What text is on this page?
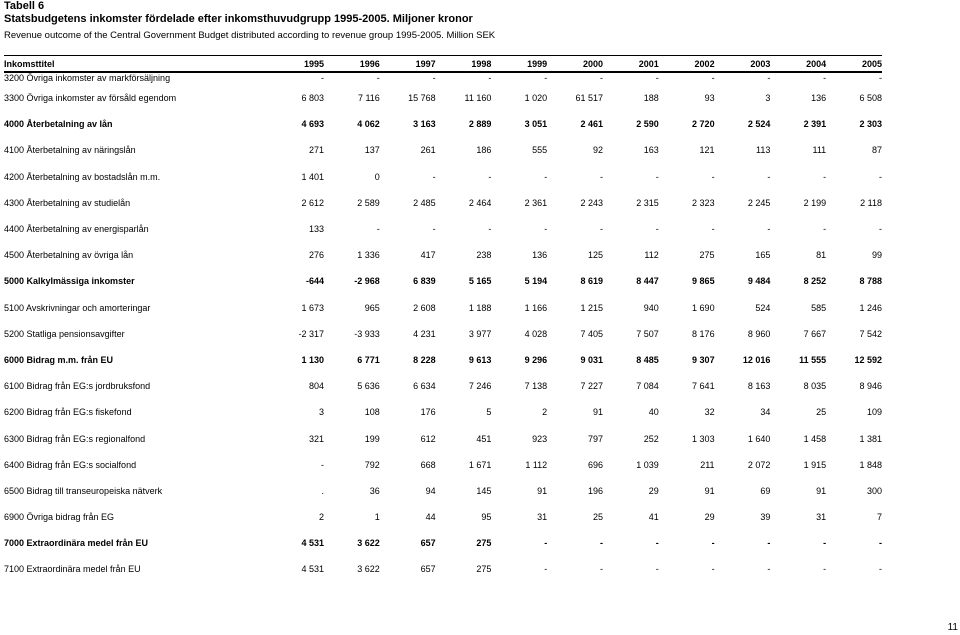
Tabell 6
Statsbudgetens inkomster fördelade efter inkomsthuvudgrupp 1995-2005. Miljoner kronor
Revenue outcome of the Central Government Budget distributed according to revenue group 1995-2005. Million SEK
Inkomsttitel	1995	1996	1997	1998	1999	2000	2001	2002	2003	2004	2005
3200 Övriga inkomster av markförsäljning	-	-	-	-	-	-	-	-	-	-	-
3300 Övriga inkomster av försåld egendom	6 803	7 116	15 768	11 160	1 020	61 517	188	93	3	136	6 508
4000 Återbetalning av lån	4 693	4 062	3 163	2 889	3 051	2 461	2 590	2 720	2 524	2 391	2 303
4100 Återbetalning av näringslån	271	137	261	186	555	92	163	121	113	111	87
4200 Återbetalning av bostadslån m.m.	1 401	0	-	-	-	-	-	-	-	-	-
4300 Återbetalning av studielån	2 612	2 589	2 485	2 464	2 361	2 243	2 315	2 323	2 245	2 199	2 118
4400 Återbetalning av energisparlån	133	-	-	-	-	-	-	-	-	-	-
4500 Återbetalning av övriga lån	276	1 336	417	238	136	125	112	275	165	81	99
5000 Kalkylmässiga inkomster	-644	-2 968	6 839	5 165	5 194	8 619	8 447	9 865	9 484	8 252	8 788
5100 Avskrivningar och amorteringar	1 673	965	2 608	1 188	1 166	1 215	940	1 690	524	585	1 246
5200 Statliga pensionsavgifter	-2 317	-3 933	4 231	3 977	4 028	7 405	7 507	8 176	8 960	7 667	7 542
6000 Bidrag m.m. från EU	1 130	6 771	8 228	9 613	9 296	9 031	8 485	9 307	12 016	11 555	12 592
6100 Bidrag från EG:s jordbruksfond	804	5 636	6 634	7 246	7 138	7 227	7 084	7 641	8 163	8 035	8 946
6200 Bidrag från EG:s fiskefond	3	108	176	5	2	91	40	32	34	25	109
6300 Bidrag från EG:s regionalfond	321	199	612	451	923	797	252	1 303	1 640	1 458	1 381
6400 Bidrag från EG:s socialfond	-	792	668	1 671	1 112	696	1 039	211	2 072	1 915	1 848
6500 Bidrag till transeuropeiska nätverk	.	36	94	145	91	196	29	91	69	91	300
6900 Övriga bidrag från EG	2	1	44	95	31	25	41	29	39	31	7
7000 Extraordinära medel från EU	4 531	3 622	657	275	-	-	-	-	-	-	-
7100 Extraordinära medel från EU	4 531	3 622	657	275	-	-	-	-	-	-	-
11
